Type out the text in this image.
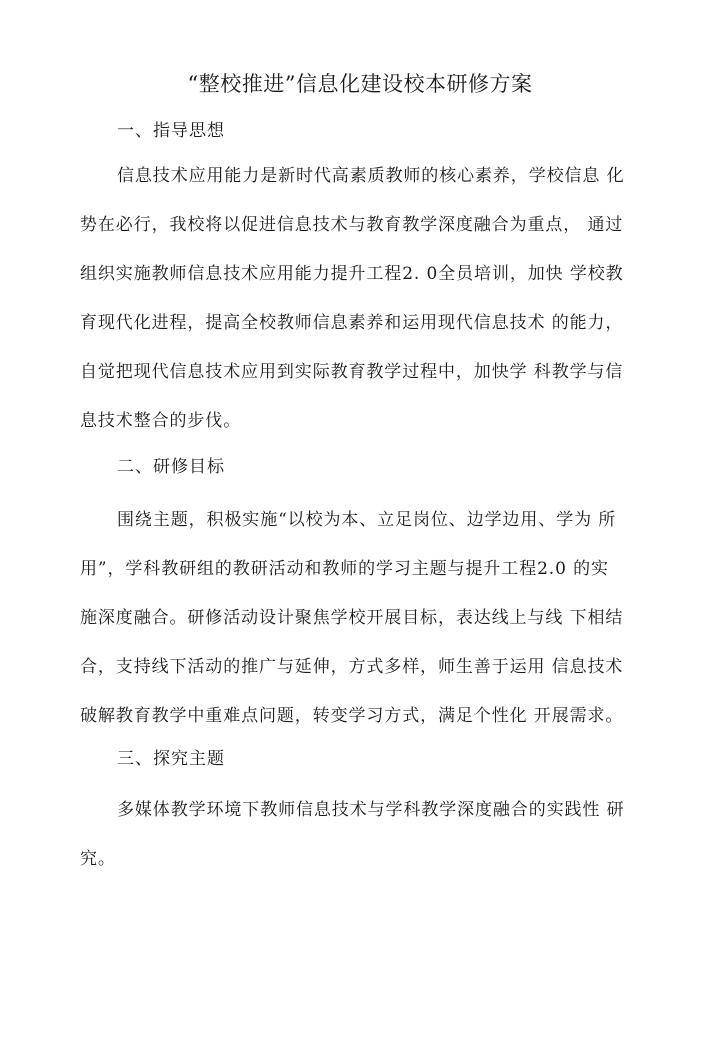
“整校推进”信息化建设校本研修方案
一、指导思想
信息技术应用能力是新时代高素质教师的核心素养，学校信息 化
势在必行，我校将以促进信息技术与教育教学深度融合为重点， 通过
组织实施教师信息技术应用能力提升工程2. 0全员培训，加快 学校教
育现代化进程，提高全校教师信息素养和运用现代信息技术 的能力，
自觉把现代信息技术应用到实际教育教学过程中，加快学 科教学与信
息技术整合的步伐。
二、研修目标
围绕主题，积极实施“以校为本、立足岗位、边学边用、学为 所
用”，学科教研组的教研活动和教师的学习主题与提升工程2.0 的实
施深度融合。研修活动设计聚焦学校开展目标，表达线上与线 下相结
合，支持线下活动的推广与延伸，方式多样，师生善于运用 信息技术
破解教育教学中重难点问题，转变学习方式，满足个性化 开展需求。
三、探究主题
多媒体教学环境下教师信息技术与学科教学深度融合的实践性 研
究。
